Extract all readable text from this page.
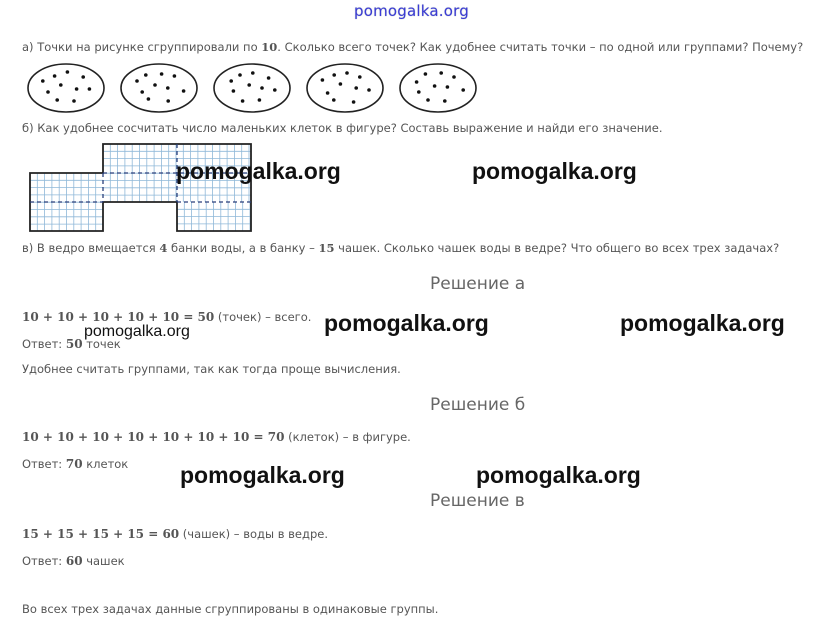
pomogalka.org
а) Точки на рисунке сгруппировали по 10. Сколько всего точек? Как удобнее считать точки – по одной или группами? Почему?
б) Как удобнее сосчитать число маленьких клеток в фигуре? Составь выражение и найди его значение.
в) В ведро вмещается 4 банки воды, а в банку – 15 чашек. Сколько чашек воды в ведре? Что общего во всех трех задачах?
Решение а
10 + 10 + 10 + 10 + 10 = 50 (точек) – всего.
Ответ: 50 точек
Удобнее считать группами, так как тогда проще вычисления.
Решение б
10 + 10 + 10 + 10 + 10 + 10 + 10 = 70 (клеток) – в фигуре.
Ответ: 70 клеток
Решение в
15 + 15 + 15 + 15 = 60 (чашек) – воды в ведре.
Ответ: 60 чашек
Во всех трех задачах данные сгруппированы в одинаковые группы.
pomogalka.org	pomogalka.org
pomogalka.org	pomogalka.org
pomogalka.org
pomogalka.org	pomogalka.org
